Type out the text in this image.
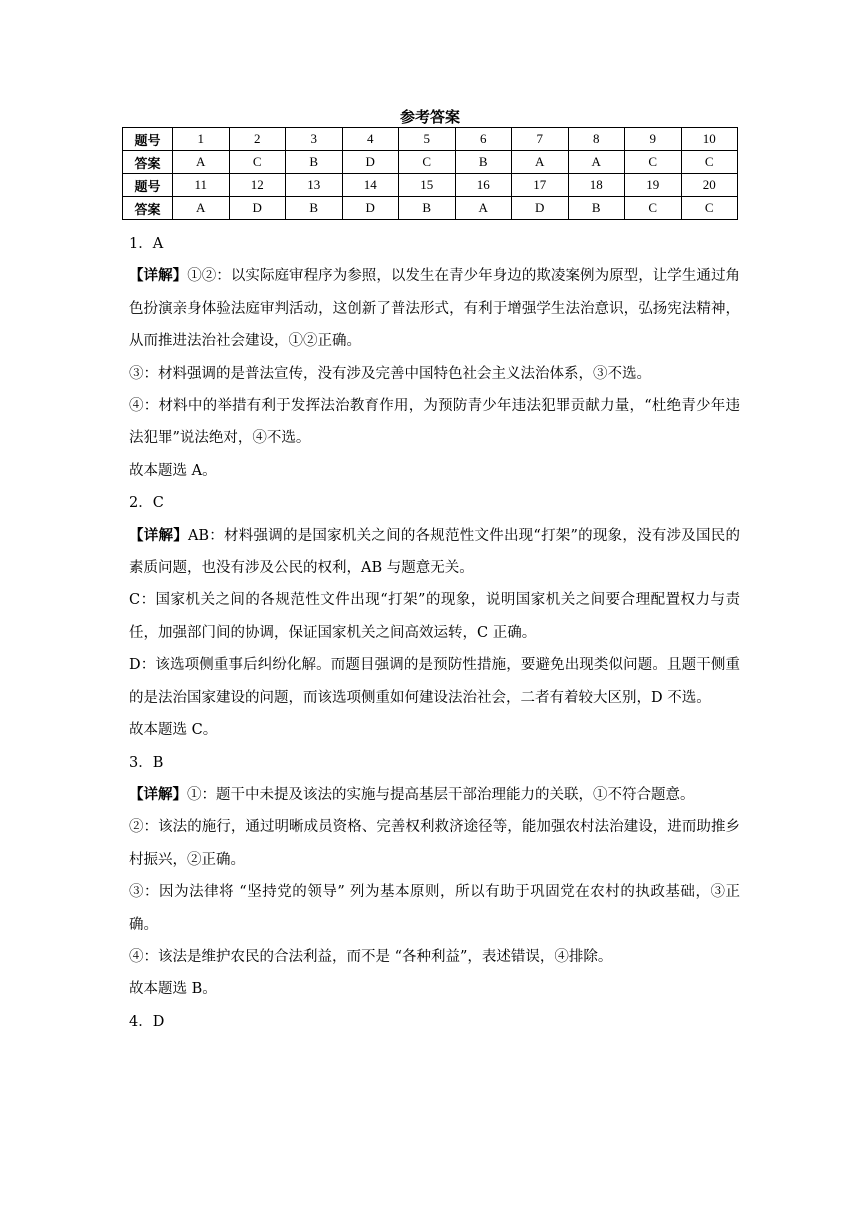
参考答案
题号	1	2	3	4	5	6	7	8	9	10
答案	A	C	B	D	C	B	A	A	C	C
题号	11	12	13	14	15	16	17	18	19	20
答案	A	D	B	D	B	A	D	B	C	C

1．A

【详解】①②：以实际庭审程序为参照，以发生在青少年身边的欺凌案例为原型，让学生通过角色扮演亲身体验法庭审判活动，这创新了普法形式，有利于增强学生法治意识，弘扬宪法精神，从而推进法治社会建设，①②正确。

③：材料强调的是普法宣传，没有涉及完善中国特色社会主义法治体系，③不选。

④：材料中的举措有利于发挥法治教育作用，为预防青少年违法犯罪贡献力量，“杜绝青少年违法犯罪”说法绝对，④不选。

故本题选 A。

2．C

【详解】AB：材料强调的是国家机关之间的各规范性文件出现“打架”的现象，没有涉及国民的素质问题，也没有涉及公民的权利，AB 与题意无关。

C：国家机关之间的各规范性文件出现“打架”的现象，说明国家机关之间要合理配置权力与责任，加强部门间的协调，保证国家机关之间高效运转，C 正确。

D：该选项侧重事后纠纷化解。而题目强调的是预防性措施，要避免出现类似问题。且题干侧重的是法治国家建设的问题，而该选项侧重如何建设法治社会，二者有着较大区别，D 不选。

故本题选 C。

3．B

【详解】①：题干中未提及该法的实施与提高基层干部治理能力的关联，①不符合题意。

②：该法的施行，通过明晰成员资格、完善权利救济途径等，能加强农村法治建设，进而助推乡村振兴，②正确。

③：因为法律将 “坚持党的领导” 列为基本原则，所以有助于巩固党在农村的执政基础，③正确。

④：该法是维护农民的合法利益，而不是 “各种利益”，表述错误，④排除。

故本题选 B。

4．D
